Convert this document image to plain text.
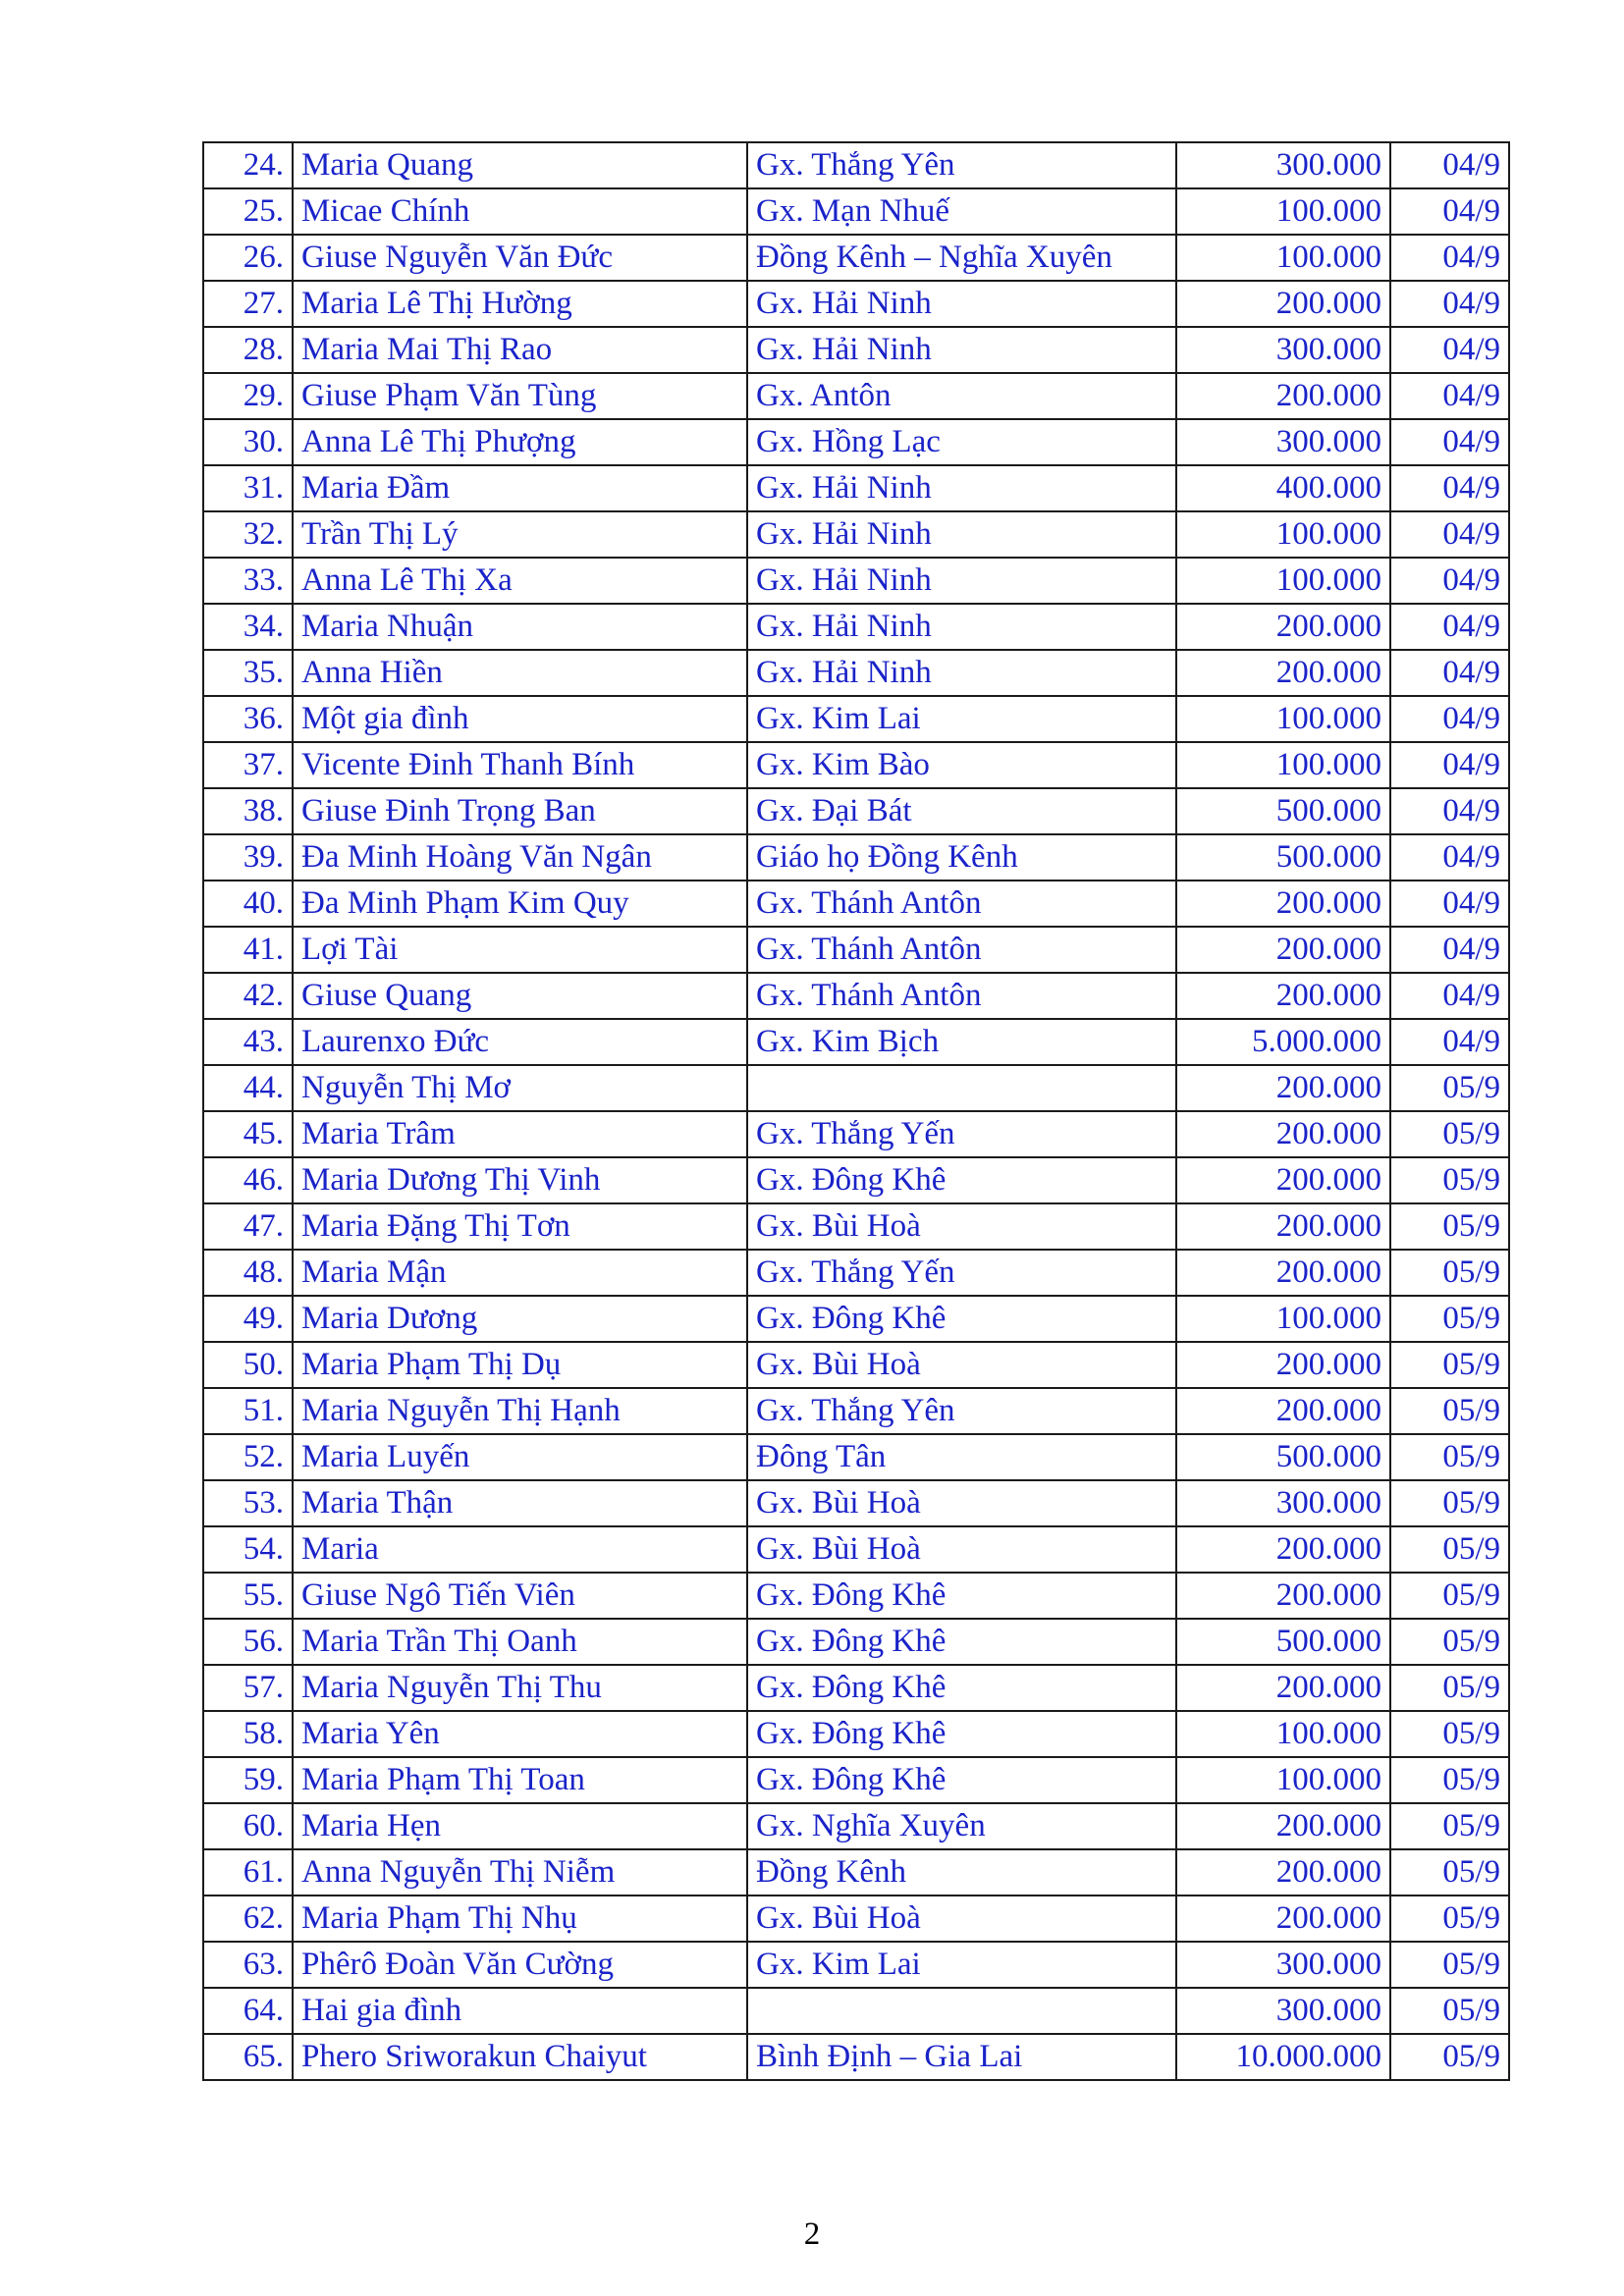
24.	Maria Quang	Gx. Thắng Yên	300.000	04/9
25.	Micae Chính	Gx. Mạn Nhuế	100.000	04/9
26.	Giuse Nguyễn Văn Đức	Đồng Kênh – Nghĩa Xuyên	100.000	04/9
27.	Maria Lê Thị Hường	Gx. Hải Ninh	200.000	04/9
28.	Maria Mai Thị Rao	Gx. Hải Ninh	300.000	04/9
29.	Giuse Phạm Văn Tùng	Gx. Antôn	200.000	04/9
30.	Anna Lê Thị Phượng	Gx. Hồng Lạc	300.000	04/9
31.	Maria Đầm	Gx. Hải Ninh	400.000	04/9
32.	Trần Thị Lý	Gx. Hải Ninh	100.000	04/9
33.	Anna Lê Thị Xa	Gx. Hải Ninh	100.000	04/9
34.	Maria Nhuận	Gx. Hải Ninh	200.000	04/9
35.	Anna Hiền	Gx. Hải Ninh	200.000	04/9
36.	Một gia đình	Gx. Kim Lai	100.000	04/9
37.	Vicente Đinh Thanh Bính	Gx. Kim Bào	100.000	04/9
38.	Giuse Đinh Trọng Ban	Gx. Đại Bát	500.000	04/9
39.	Đa Minh Hoàng Văn Ngân	Giáo họ Đồng Kênh	500.000	04/9
40.	Đa Minh Phạm Kim Quy	Gx. Thánh Antôn	200.000	04/9
41.	Lợi Tài	Gx. Thánh Antôn	200.000	04/9
42.	Giuse Quang	Gx. Thánh Antôn	200.000	04/9
43.	Laurenxo Đức	Gx. Kim Bịch	5.000.000	04/9
44.	Nguyễn Thị Mơ		200.000	05/9
45.	Maria Trâm	Gx. Thắng Yến	200.000	05/9
46.	Maria Dương Thị Vinh	Gx. Đông Khê	200.000	05/9
47.	Maria Đặng Thị Tơn	Gx. Bùi Hoà	200.000	05/9
48.	Maria Mận	Gx. Thắng Yến	200.000	05/9
49.	Maria Dương	Gx. Đông Khê	100.000	05/9
50.	Maria Phạm Thị Dụ	Gx. Bùi Hoà	200.000	05/9
51.	Maria Nguyễn Thị Hạnh	Gx. Thắng Yên	200.000	05/9
52.	Maria Luyến	Đông Tân	500.000	05/9
53.	Maria Thận	Gx. Bùi Hoà	300.000	05/9
54.	Maria	Gx. Bùi Hoà	200.000	05/9
55.	Giuse Ngô Tiến Viên	Gx. Đông Khê	200.000	05/9
56.	Maria Trần Thị Oanh	Gx. Đông Khê	500.000	05/9
57.	Maria Nguyễn Thị Thu	Gx. Đông Khê	200.000	05/9
58.	Maria Yên	Gx. Đông Khê	100.000	05/9
59.	Maria Phạm Thị Toan	Gx. Đông Khê	100.000	05/9
60.	Maria Hẹn	Gx. Nghĩa Xuyên	200.000	05/9
61.	Anna Nguyễn Thị Niễm	Đồng Kênh	200.000	05/9
62.	Maria Phạm Thị Nhụ	Gx. Bùi Hoà	200.000	05/9
63.	Phêrô Đoàn Văn Cường	Gx. Kim Lai	300.000	05/9
64.	Hai gia đình		300.000	05/9
65.	Phero Sriworakun Chaiyut	Bình Định – Gia Lai	10.000.000	05/9
2
